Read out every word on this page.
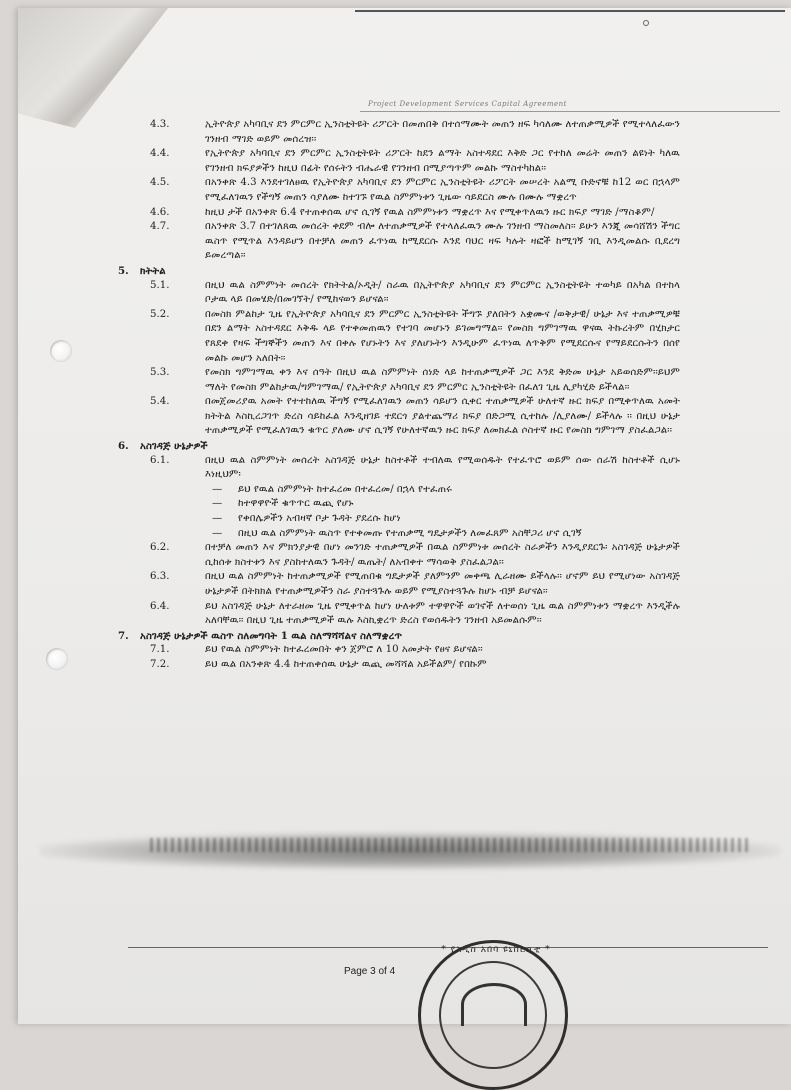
Project Development Services Capital Agreement
4.3.	ኢትዮጵያ አካባቢና ደን ምርምር ኢንስቲትዩት ሪፖርት በመጠበቅ በተሰማሙት መጠን ዘፍ ካሳለሙ ለተጠቃሚዎች የሚተላለፈውን ገንዘብ ማገድ ወይም መሰረዝ፡፡
4.4.	የኢትዮጵያ አካባቢና ደን ምርምር ኢንስቲትዩት ሪፖርት ከደን ልማት አስተዳደር እቅድ ጋር የተከለ መሬት መጠን ልዩነት ካለዉ የገንዘብ ክፍያዎችን ከዚህ በፊት የሰሩትን ብሔራዊ የገንዘብ በሚያጣጥም መልኩ ማስተካከል፡፡
4.5.	በአንቀጽ 4.3 እንደተገለፀዉ የኢትዮጵያ አካባቢና ደን ምርምር ኢንስቲትዩት ሪፖርት መሠረት አልሚ ቡድኖቹ ከ12 ወር በኋላም የሚፈለገዉን የችግኝ መጠን ሳያለሙ ከተገኙ የዉል ስምምነቱን ጊዜው ሳይደርስ ሙሉ በሙሉ ማቋረጥ
4.6.	ከዚህ ታች በአንቀጽ 6.4 የተጠቀሰዉ ሆኖ ሲገኝ የዉል ስምምነቱን ማቋረጥ እና የሚቀጥለዉን ዙር ክፍያ ማገድ /ማስቆም/
4.7.	በአንቀጽ 3.7 በተገለጸዉ መሰረት ቀደም ብሎ ለተጠቃሚዎች የተላለፈዉን ሙሉ ገንዘብ ማስመለስ፡፡ ይሁን እንጂ መሳሸሽን ችግር ዉስጥ የሚጥል እንዳይሆን በተቻለ መጠን ፈጥነዉ ከሚደርሱ እንደ ባህር ዛፍ ካሉት ዛፎች ከሚገኝ ገቢ እንዲመልሱ ቢደረግ ይመረጣል፡፡
5. ክትትል
5.1.	በዚህ ዉል ስምምነት መሰረት የክትትል/ኦዲት/ ስራዉ በኢትዮጵያ አካባቢና ደን ምርምር ኢንስቲትዩት ተወካይ በአካል በተከላ ቦታዉ ላይ በመሄድ/በመገኘት/ የሚከናወን ይሆናል፡፡
5.2.	በመስክ ምልከታ ጊዜ የኢትዮጵያ አካባቢና ደን ምርምር ኢንስቲትዩት ችግኙ ያለበትን አቋሙና /ወቅታዊ/ ሁኔታ እና ተጠቃሚዎቹ በደን ልማት አስተዳደር እቅዱ ላይ የተቀመጠዉን የተገባ መሆኑን ይገመግማል፡፡ የመስክ ግምገማዉ ዋናዉ ትኩረትም በሂክታር የጸደቀ የዛፍ ችግኞችን መጠን እና በቀሉ የሆኑትን እና ያለሆኑትን እንዲሁም ፈጥነዉ ለጥቅም የሚደርሱና የማይደርሱትን በሰየ መልኩ መሆን አለበት፡፡
5.3.	የመስክ ግምገማዉ ቀን እና ሰዓት በዚህ ዉል ስምምነት ሰነድ ላይ ከተጠቃሚዎች ጋር እንደ ቅድመ ሁኔታ አይወሰድም፡፡ይህም ማለት የመስክ ምልከታዉ/ግምገማዉ/ የኢትዮጵያ አካባቢና ደን ምርምር ኢንስቲትዩት በፈለገ ጊዜ ሊያካሂድ ይችላል፡፡
5.4.	በመጀመሪያዉ አመት የተተከለዉ ችግኝ የሚፈለገዉን መጠን ሳይሆን ሲቀር ተጠቃሚዎች ሁለተኛ ዙር ክፍያ በሚቀጥለዉ አመት ክትትል እስኪረጋገጥ ድረስ ሳይከፈል እንዲዘገይ ተደርጎ ያልተጨማሪ ክፍያ በድጋሚ ሲተከሉ /ሊያለሙ/ ይችላሉ ፡፡ በዚህ ሁኔታ ተጠቃሚዎች የሚፈለገዉን ቁጥር ያለሙ ሆኖ ሲገኝ የሁለተኛዉን ዙር ክፍያ ለመክፈል ሶስተኛ ዙር የመስክ ግምገማ ያስፈልጋል፡፡
6. አስገዳጅ ሁኔታዎች
6.1.	በዚህ ዉል ስምምነት መሰረት አስገዳጅ ሁኔታ ከስተቶች ተብለዉ የሚወሰዱት የተፈጥሮ ወይም ሰው ሰራሽ ከስተቶች ሲሆኑ እነዚህም፡
— ይህ የዉል ስምምነት ከተፈረመ በተፈረመ/ በኋላ የተፈጠሩ
— ከተዋዋዮች ቁጥጥር ዉጪ የሆኑ
— የቀበሌዎችን አብዛኛ ቦታ ጉዳት ያደረሱ ከሆነ
— በዚህ ዉል ስምምነት ዉስጥ የተቀመጡ የተጠቃሚ ግዴታዎችን ለመፈጸም አስቸጋሪ ሆኖ ሲገኝ
6.2.	በተቻለ መጠን እና ምክንያታዊ በሆነ መንገድ ተጠቃሚዎች በዉል ስምምነቱ መሰረት ስራዎችን እንዲያደርጉ፡ አስገዳጅ ሁኔታዎች ሲከሰቱ ክስተቱን እና ያስከተለዉን ጉዳት/ ዉጤት/ ለአብቀተ ማሳወቅ ያስፈልጋል፡፡
6.3.	በዚህ ዉል ስምምነት ከተጠቃሚዎች የሚጠበቁ ግዴታዎች ያለምንም መቀጫ ሊራዘሙ ይችላሉ፡፡ ሆኖም ይህ የሚሆነው አስገዳጅ ሁኔታዎች በትክክል የተጠቃሚዎችን ስራ ያስተጓጉሉ ወይም የሚያስተጓጉሉ ከሆኑ ብቻ ይሆናል፡፡
6.4.	ይህ አስገዳጅ ሁኔታ ለተራዘመ ጊዜ የሚቀጥል ከሆነ ሁለቱም ተዋዋዮች ወገኖች ለተወሰነ ጊዜ ዉል ስምምነቱን ማቋረጥ እንዲችሉ አለባቸዉ፡፡ በዚህ ጊዜ ተጠቃሚዎች ዉሉ እስኪቋረጥ ድረስ የወሰዱትን ገንዘብ አይመልሱም፡፡
7. አስገዳጅ ሁኔታዎች ዉስጥ ስለመግባት 1 ዉል ስለማሻሻልና ስለማቋረጥ
7.1.	ይህ የዉል ስምምነት ከተፈረመበት ቀን ጀምሮ ለ 10 አመታት የፀና ይሆናል፡፡
7.2.	ይህ ዉል በአንቀጽ 4.4 ከተጠቀሰዉ ሁኔታ ዉጪ መሻሻል አይችልም/ የበኩም
Page 3 of 4
* የአዲስ አበባ ዩኒቨርሲቲ *
